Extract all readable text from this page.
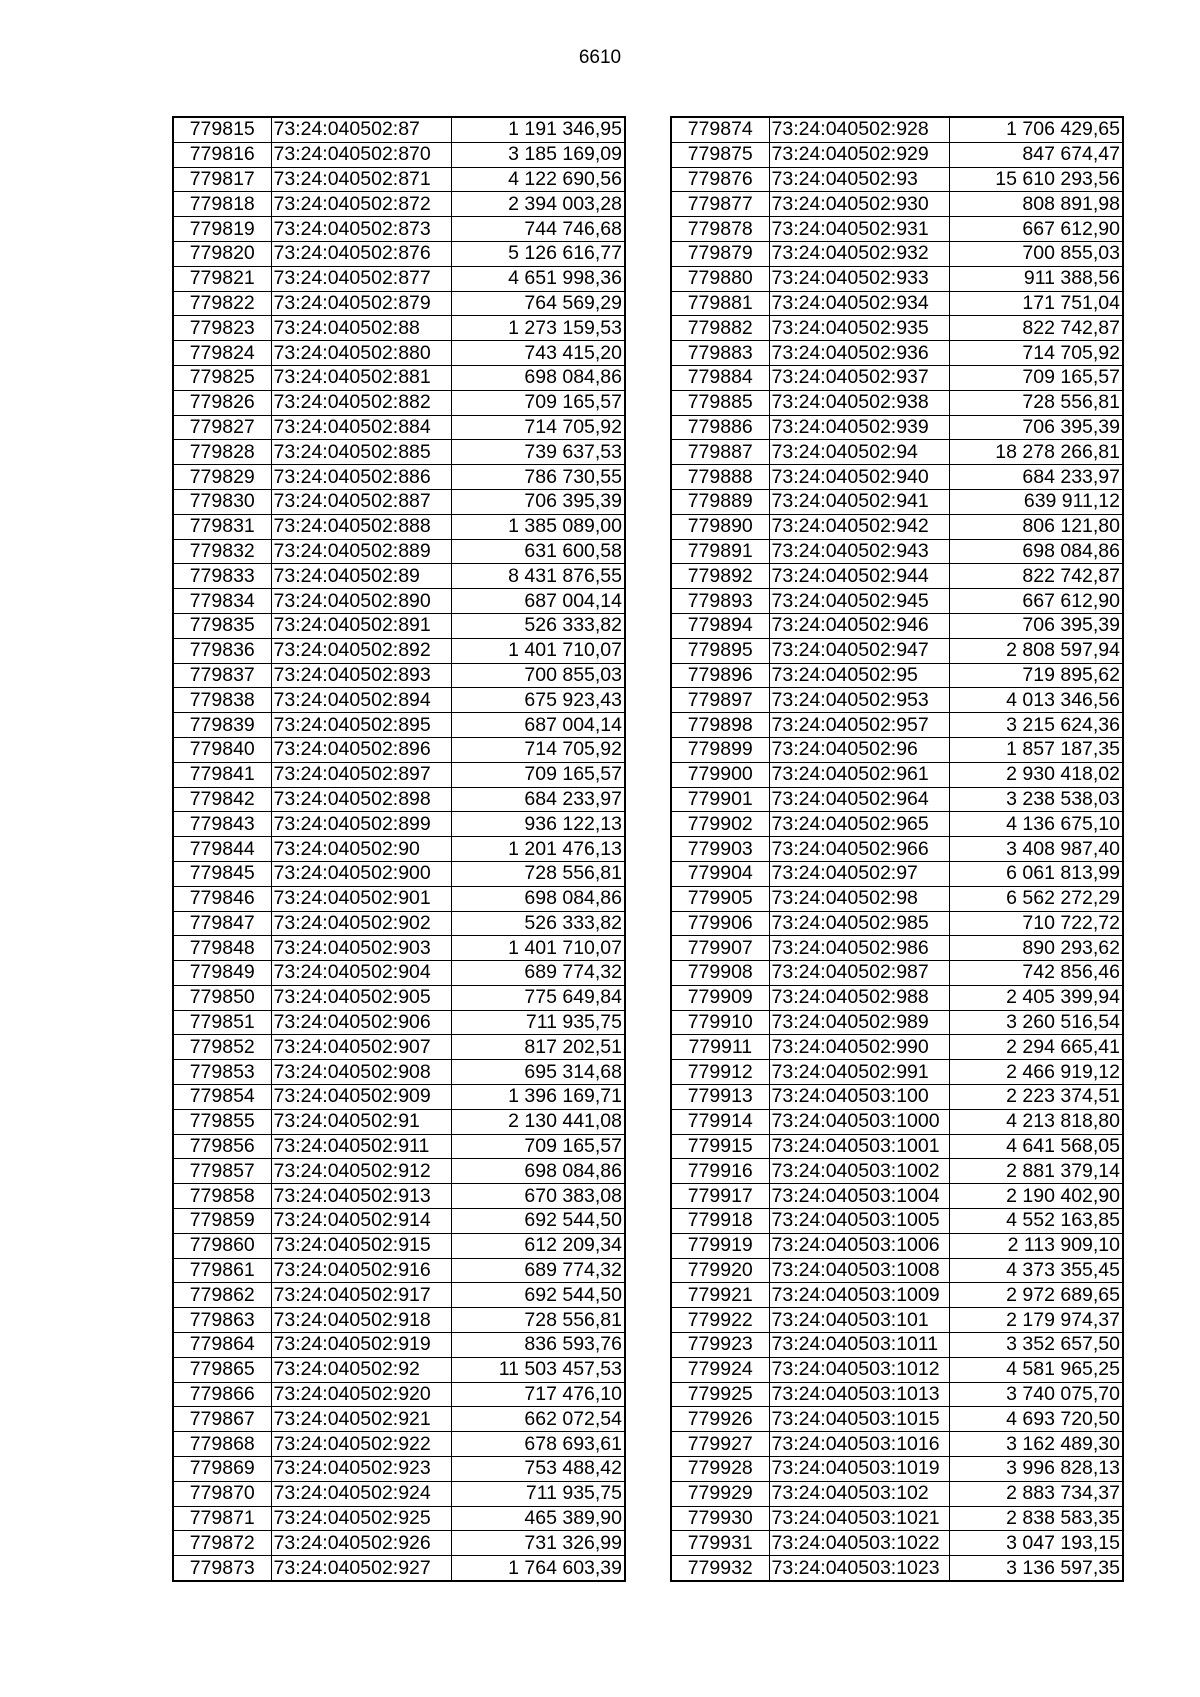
6610
779815	73:24:040502:87	1 191 346,95
779816	73:24:040502:870	3 185 169,09
779817	73:24:040502:871	4 122 690,56
779818	73:24:040502:872	2 394 003,28
779819	73:24:040502:873	744 746,68
779820	73:24:040502:876	5 126 616,77
779821	73:24:040502:877	4 651 998,36
779822	73:24:040502:879	764 569,29
779823	73:24:040502:88	1 273 159,53
779824	73:24:040502:880	743 415,20
779825	73:24:040502:881	698 084,86
779826	73:24:040502:882	709 165,57
779827	73:24:040502:884	714 705,92
779828	73:24:040502:885	739 637,53
779829	73:24:040502:886	786 730,55
779830	73:24:040502:887	706 395,39
779831	73:24:040502:888	1 385 089,00
779832	73:24:040502:889	631 600,58
779833	73:24:040502:89	8 431 876,55
779834	73:24:040502:890	687 004,14
779835	73:24:040502:891	526 333,82
779836	73:24:040502:892	1 401 710,07
779837	73:24:040502:893	700 855,03
779838	73:24:040502:894	675 923,43
779839	73:24:040502:895	687 004,14
779840	73:24:040502:896	714 705,92
779841	73:24:040502:897	709 165,57
779842	73:24:040502:898	684 233,97
779843	73:24:040502:899	936 122,13
779844	73:24:040502:90	1 201 476,13
779845	73:24:040502:900	728 556,81
779846	73:24:040502:901	698 084,86
779847	73:24:040502:902	526 333,82
779848	73:24:040502:903	1 401 710,07
779849	73:24:040502:904	689 774,32
779850	73:24:040502:905	775 649,84
779851	73:24:040502:906	711 935,75
779852	73:24:040502:907	817 202,51
779853	73:24:040502:908	695 314,68
779854	73:24:040502:909	1 396 169,71
779855	73:24:040502:91	2 130 441,08
779856	73:24:040502:911	709 165,57
779857	73:24:040502:912	698 084,86
779858	73:24:040502:913	670 383,08
779859	73:24:040502:914	692 544,50
779860	73:24:040502:915	612 209,34
779861	73:24:040502:916	689 774,32
779862	73:24:040502:917	692 544,50
779863	73:24:040502:918	728 556,81
779864	73:24:040502:919	836 593,76
779865	73:24:040502:92	11 503 457,53
779866	73:24:040502:920	717 476,10
779867	73:24:040502:921	662 072,54
779868	73:24:040502:922	678 693,61
779869	73:24:040502:923	753 488,42
779870	73:24:040502:924	711 935,75
779871	73:24:040502:925	465 389,90
779872	73:24:040502:926	731 326,99
779873	73:24:040502:927	1 764 603,39
779874	73:24:040502:928	1 706 429,65
779875	73:24:040502:929	847 674,47
779876	73:24:040502:93	15 610 293,56
779877	73:24:040502:930	808 891,98
779878	73:24:040502:931	667 612,90
779879	73:24:040502:932	700 855,03
779880	73:24:040502:933	911 388,56
779881	73:24:040502:934	171 751,04
779882	73:24:040502:935	822 742,87
779883	73:24:040502:936	714 705,92
779884	73:24:040502:937	709 165,57
779885	73:24:040502:938	728 556,81
779886	73:24:040502:939	706 395,39
779887	73:24:040502:94	18 278 266,81
779888	73:24:040502:940	684 233,97
779889	73:24:040502:941	639 911,12
779890	73:24:040502:942	806 121,80
779891	73:24:040502:943	698 084,86
779892	73:24:040502:944	822 742,87
779893	73:24:040502:945	667 612,90
779894	73:24:040502:946	706 395,39
779895	73:24:040502:947	2 808 597,94
779896	73:24:040502:95	719 895,62
779897	73:24:040502:953	4 013 346,56
779898	73:24:040502:957	3 215 624,36
779899	73:24:040502:96	1 857 187,35
779900	73:24:040502:961	2 930 418,02
779901	73:24:040502:964	3 238 538,03
779902	73:24:040502:965	4 136 675,10
779903	73:24:040502:966	3 408 987,40
779904	73:24:040502:97	6 061 813,99
779905	73:24:040502:98	6 562 272,29
779906	73:24:040502:985	710 722,72
779907	73:24:040502:986	890 293,62
779908	73:24:040502:987	742 856,46
779909	73:24:040502:988	2 405 399,94
779910	73:24:040502:989	3 260 516,54
779911	73:24:040502:990	2 294 665,41
779912	73:24:040502:991	2 466 919,12
779913	73:24:040503:100	2 223 374,51
779914	73:24:040503:1000	4 213 818,80
779915	73:24:040503:1001	4 641 568,05
779916	73:24:040503:1002	2 881 379,14
779917	73:24:040503:1004	2 190 402,90
779918	73:24:040503:1005	4 552 163,85
779919	73:24:040503:1006	2 113 909,10
779920	73:24:040503:1008	4 373 355,45
779921	73:24:040503:1009	2 972 689,65
779922	73:24:040503:101	2 179 974,37
779923	73:24:040503:1011	3 352 657,50
779924	73:24:040503:1012	4 581 965,25
779925	73:24:040503:1013	3 740 075,70
779926	73:24:040503:1015	4 693 720,50
779927	73:24:040503:1016	3 162 489,30
779928	73:24:040503:1019	3 996 828,13
779929	73:24:040503:102	2 883 734,37
779930	73:24:040503:1021	2 838 583,35
779931	73:24:040503:1022	3 047 193,15
779932	73:24:040503:1023	3 136 597,35
